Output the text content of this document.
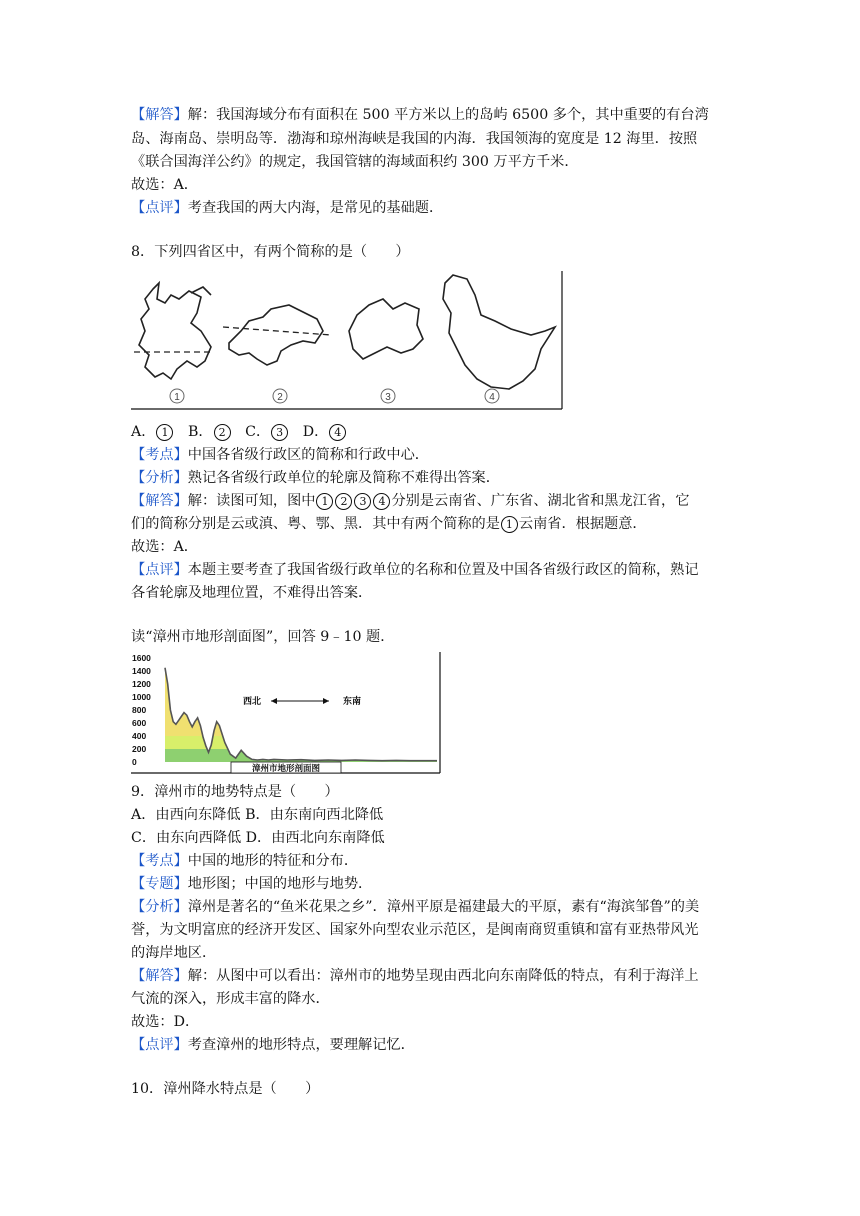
【解答】解：我国海域分布有面积在 500 平方米以上的岛屿 6500 多个，其中重要的有台湾
岛、海南岛、崇明岛等．渤海和琼州海峡是我国的内海．我国领海的宽度是 12 海里．按照
《联合国海洋公约》的规定，我国管辖的海域面积约 300 万平方千米．
故选：A．
【点评】考查我国的两大内海，是常见的基础题．
8．下列四省区中，有两个简称的是（　　）
1	2	3	4
A． 1 B． 2 C． 3 D． 4
【考点】中国各省级行政区的简称和行政中心．
【分析】熟记各省级行政单位的轮廓及简称不难得出答案．
【解答】解：读图可知，图中 1 2 3 4 分别是云南省、广东省、湖北省和黑龙江省，它
们的简称分别是云或滇、粤、鄂、黑．其中有两个简称的是 1 云南省．根据题意．
故选：A．
【点评】本题主要考查了我国省级行政单位的名称和位置及中国各省级行政区的简称，熟记
各省轮廓及地理位置，不难得出答案．
读“漳州市地形剖面图”，回答 9﹣10 题．
0
200
400
600
800
1000
1200
1400
1600
西北	东南
漳州市地形剖面图
9．漳州市的地势特点是（　　）
A．由西向东降低 B．由东南向西北降低
C．由东向西降低 D．由西北向东南降低
【考点】中国的地形的特征和分布．
【专题】地形图；中国的地形与地势．
【分析】漳州是著名的“鱼米花果之乡”．漳州平原是福建最大的平原，素有“海滨邹鲁”的美
誉，为文明富庶的经济开发区、国家外向型农业示范区，是闽南商贸重镇和富有亚热带风光
的海岸地区．
【解答】解：从图中可以看出：漳州市的地势呈现由西北向东南降低的特点，有利于海洋上
气流的深入，形成丰富的降水．
故选：D．
【点评】考查漳州的地形特点，要理解记忆．
10．漳州降水特点是（　　）
